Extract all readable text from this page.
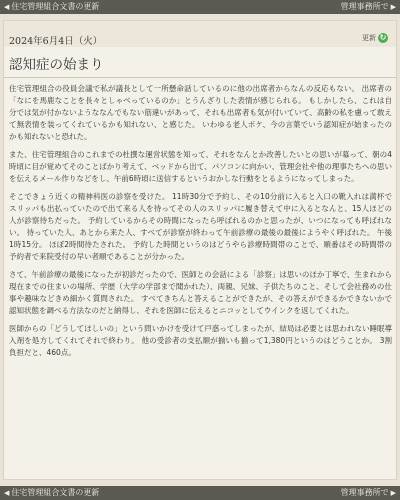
◀ 住宅管理組合文書の更新	管理事務所で ▶
2024年6月4日（火）	更新 ↻
認知症の始まり

住宅管理組合の役員会議で私が議長として一所懸命話しているのに他の出席者からなんの反応もない。 出席者の「なにを馬鹿なことを長々としゃべっているのか」とうんざりした表情が感じられる。 もしかしたら、これは自分では気が付かないようななんでもない筋違いがあって、それも出席者も気が付いていて、高齢の私を慮って敢えて無表情を装ってくれているかも知れない、と感じた。 いわゆる老人ボケ、今の言葉でいう認知症が始まったのかも知れないと恐れた。

また、住宅管理組合のこれまでの杜撰な運営状態を知って、それをなんとか改善したいとの思いが募って、朝の4時頃に目が覚めてそのことばかり考えて、ベッドから出て、パソコンに向かい、管理会社や他の理事たちへの思いを伝えるメール作りなどをし、午前6時頃に送信するというおかしな行動をとるようになってしまった。

そこできょう近くの精神科医の診察を受けた。 11時30分で予約し、その10分前に入ると入口の靴入れは満杯でスリッパも出払っていたので出て来る人を待ってその人のスリッパに履き替えて中に入るとなんと、15人ほどの人が診察待ちだった。 予約しているからその時間になったら呼ばれるのかと思ったが、いつになっても呼ばれない。 待っていた人、あとから来た人、すべてが診察が終わって午前診療の最後の最後にようやく呼ばれた。 午後1時15分。 ほぼ2時間待たされた。 予約した時間というのはどうやら診療時間帯のことで、順番はその時間帯の予約者で来院受付の早い者順であることが分かった。

さて、午前診療の最後になったが初診だったので、医師との会話による「診察」は思いのほか丁寧で、生まれから現在までの住まいの場所、学歴（大学の学部まで聞かれた）、両親、兄妹、子供たちのこと、そして会社務めの仕事や趣味などきめ細かく質問された。 すべてきちんと答えることができたが、その答えができるかできないかで認知状態を調べる方法なのだと納得し、それを医師に伝えるとニコッとしてウインクを返してくれた。

医師からの「どうしてほしいの」という問いかけを受けて戸惑ってしまったが、結局は必要とは思われない睡眠導入剤を処方してくれてそれで終わり。 他の受診者の支払額が揃いも揃って1,380円というのはどうことか。 3割負担だと、460点。

◀ 住宅管理組合文書の更新	管理事務所で ▶
